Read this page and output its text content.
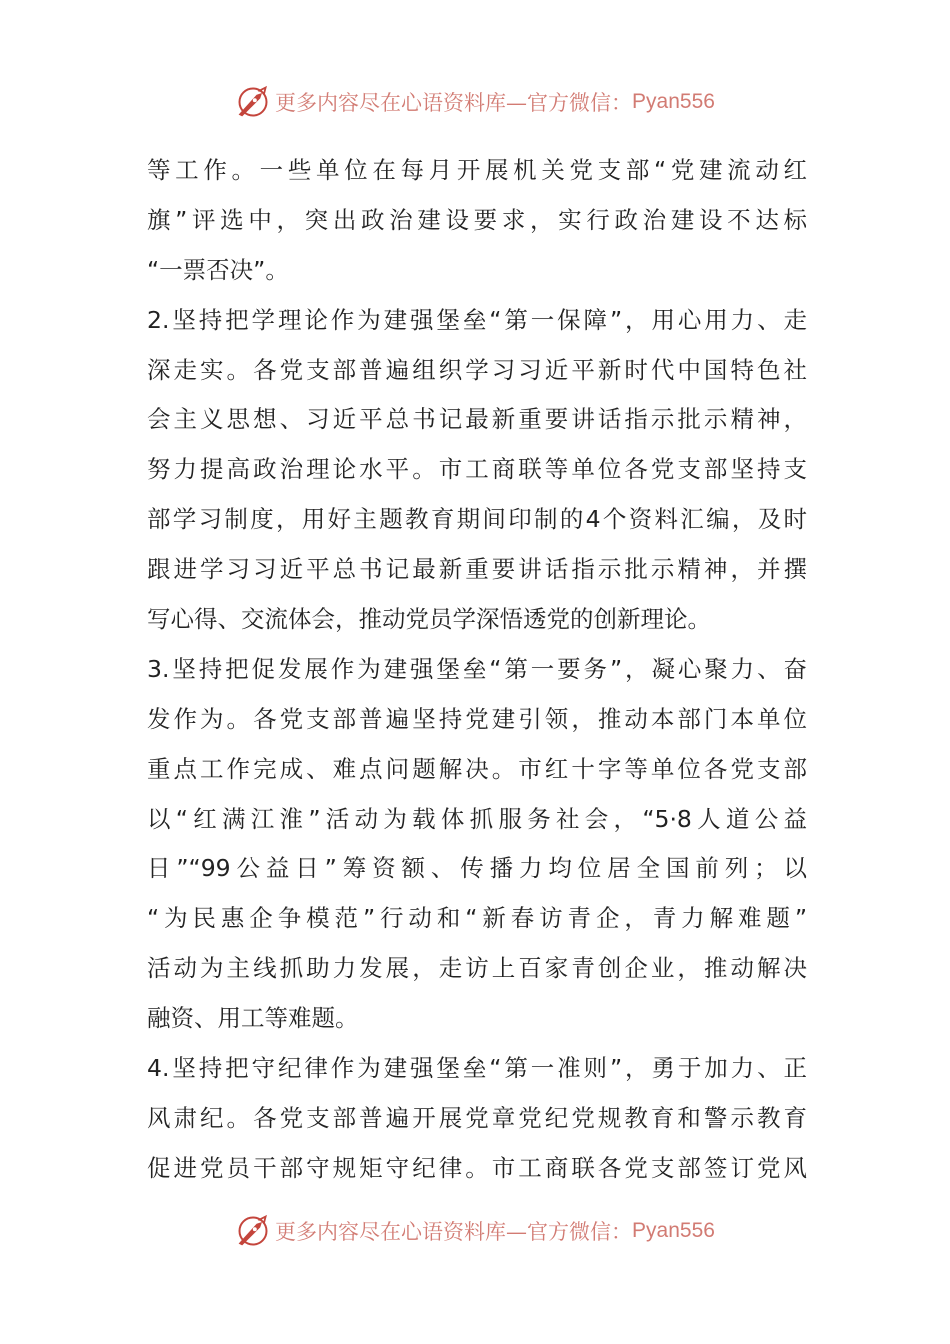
更多内容尽在心语资料库—官方微信： Pyan556
等工作。一些单位在每月开展机关党支部“党建流动红
旗”评选中，突出政治建设要求，实行政治建设不达标
“一票否决”。
2.坚持把学理论作为建强堡垒“第一保障”，用心用力、走
深走实。各党支部普遍组织学习习近平新时代中国特色社
会主义思想、习近平总书记最新重要讲话指示批示精神，
努力提高政治理论水平。市工商联等单位各党支部坚持支
部学习制度，用好主题教育期间印制的4个资料汇编，及时
跟进学习习近平总书记最新重要讲话指示批示精神，并撰
写心得、交流体会，推动党员学深悟透党的创新理论。
3.坚持把促发展作为建强堡垒“第一要务”，凝心聚力、奋
发作为。各党支部普遍坚持党建引领，推动本部门本单位
重点工作完成、难点问题解决。市红十字等单位各党支部
以“红满江淮”活动为载体抓服务社会，“5·8人道公益
日”“99公益日”筹资额、传播力均位居全国前列；以
“为民惠企争模范”行动和“新春访青企，青力解难题”
活动为主线抓助力发展，走访上百家青创企业，推动解决
融资、用工等难题。
4.坚持把守纪律作为建强堡垒“第一准则”，勇于加力、正
风肃纪。各党支部普遍开展党章党纪党规教育和警示教育
促进党员干部守规矩守纪律。市工商联各党支部签订党风
更多内容尽在心语资料库—官方微信： Pyan556
